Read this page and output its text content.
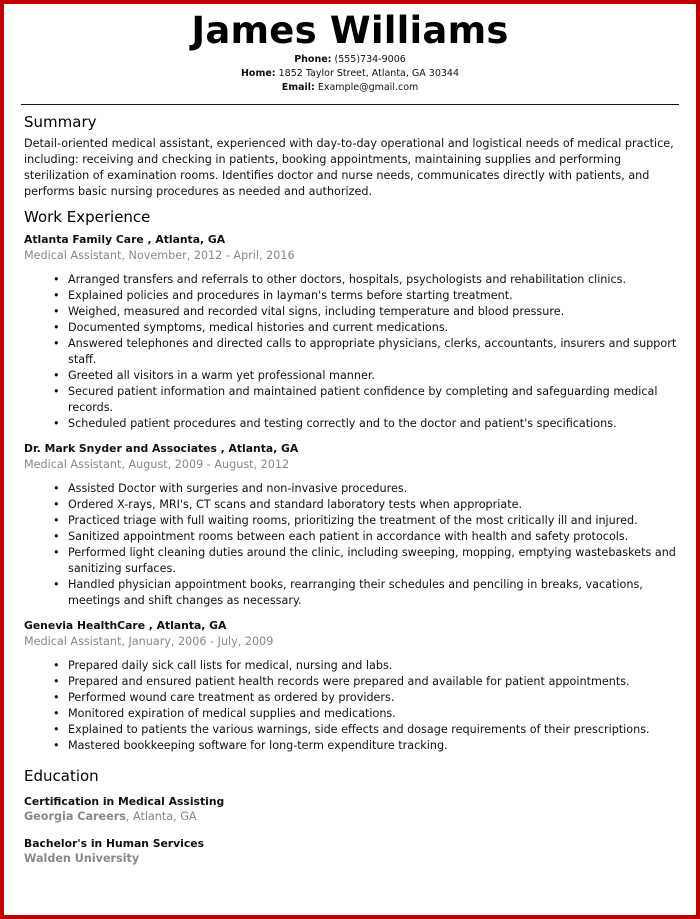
James Williams
Phone: (555)734-9006
Home: 1852 Taylor Street, Atlanta, GA 30344
Email: Example@gmail.com
Summary
Detail-oriented medical assistant, experienced with day-to-day operational and logistical needs of medical practice, including: receiving and checking in patients, booking appointments, maintaining supplies and performing sterilization of examination rooms. Identifies doctor and nurse needs, communicates directly with patients, and performs basic nursing procedures as needed and authorized.
Work Experience
Atlanta Family Care , Atlanta, GA
Medical Assistant, November, 2012 - April, 2016
• Arranged transfers and referrals to other doctors, hospitals, psychologists and rehabilitation clinics.
• Explained policies and procedures in layman's terms before starting treatment.
• Weighed, measured and recorded vital signs, including temperature and blood pressure.
• Documented symptoms, medical histories and current medications.
• Answered telephones and directed calls to appropriate physicians, clerks, accountants, insurers and support staff.
• Greeted all visitors in a warm yet professional manner.
• Secured patient information and maintained patient confidence by completing and safeguarding medical records.
• Scheduled patient procedures and testing correctly and to the doctor and patient's specifications.
Dr. Mark Snyder and Associates , Atlanta, GA
Medical Assistant, August, 2009 - August, 2012
• Assisted Doctor with surgeries and non-invasive procedures.
• Ordered X-rays, MRI's, CT scans and standard laboratory tests when appropriate.
• Practiced triage with full waiting rooms, prioritizing the treatment of the most critically ill and injured.
• Sanitized appointment rooms between each patient in accordance with health and safety protocols.
• Performed light cleaning duties around the clinic, including sweeping, mopping, emptying wastebaskets and sanitizing surfaces.
• Handled physician appointment books, rearranging their schedules and penciling in breaks, vacations, meetings and shift changes as necessary.
Genevia HealthCare , Atlanta, GA
Medical Assistant, January, 2006 - July, 2009
• Prepared daily sick call lists for medical, nursing and labs.
• Prepared and ensured patient health records were prepared and available for patient appointments.
• Performed wound care treatment as ordered by providers.
• Monitored expiration of medical supplies and medications.
• Explained to patients the various warnings, side effects and dosage requirements of their prescriptions.
• Mastered bookkeeping software for long-term expenditure tracking.
Education
Certification in Medical Assisting
Georgia Careers, Atlanta, GA
Bachelor's in Human Services
Walden University
